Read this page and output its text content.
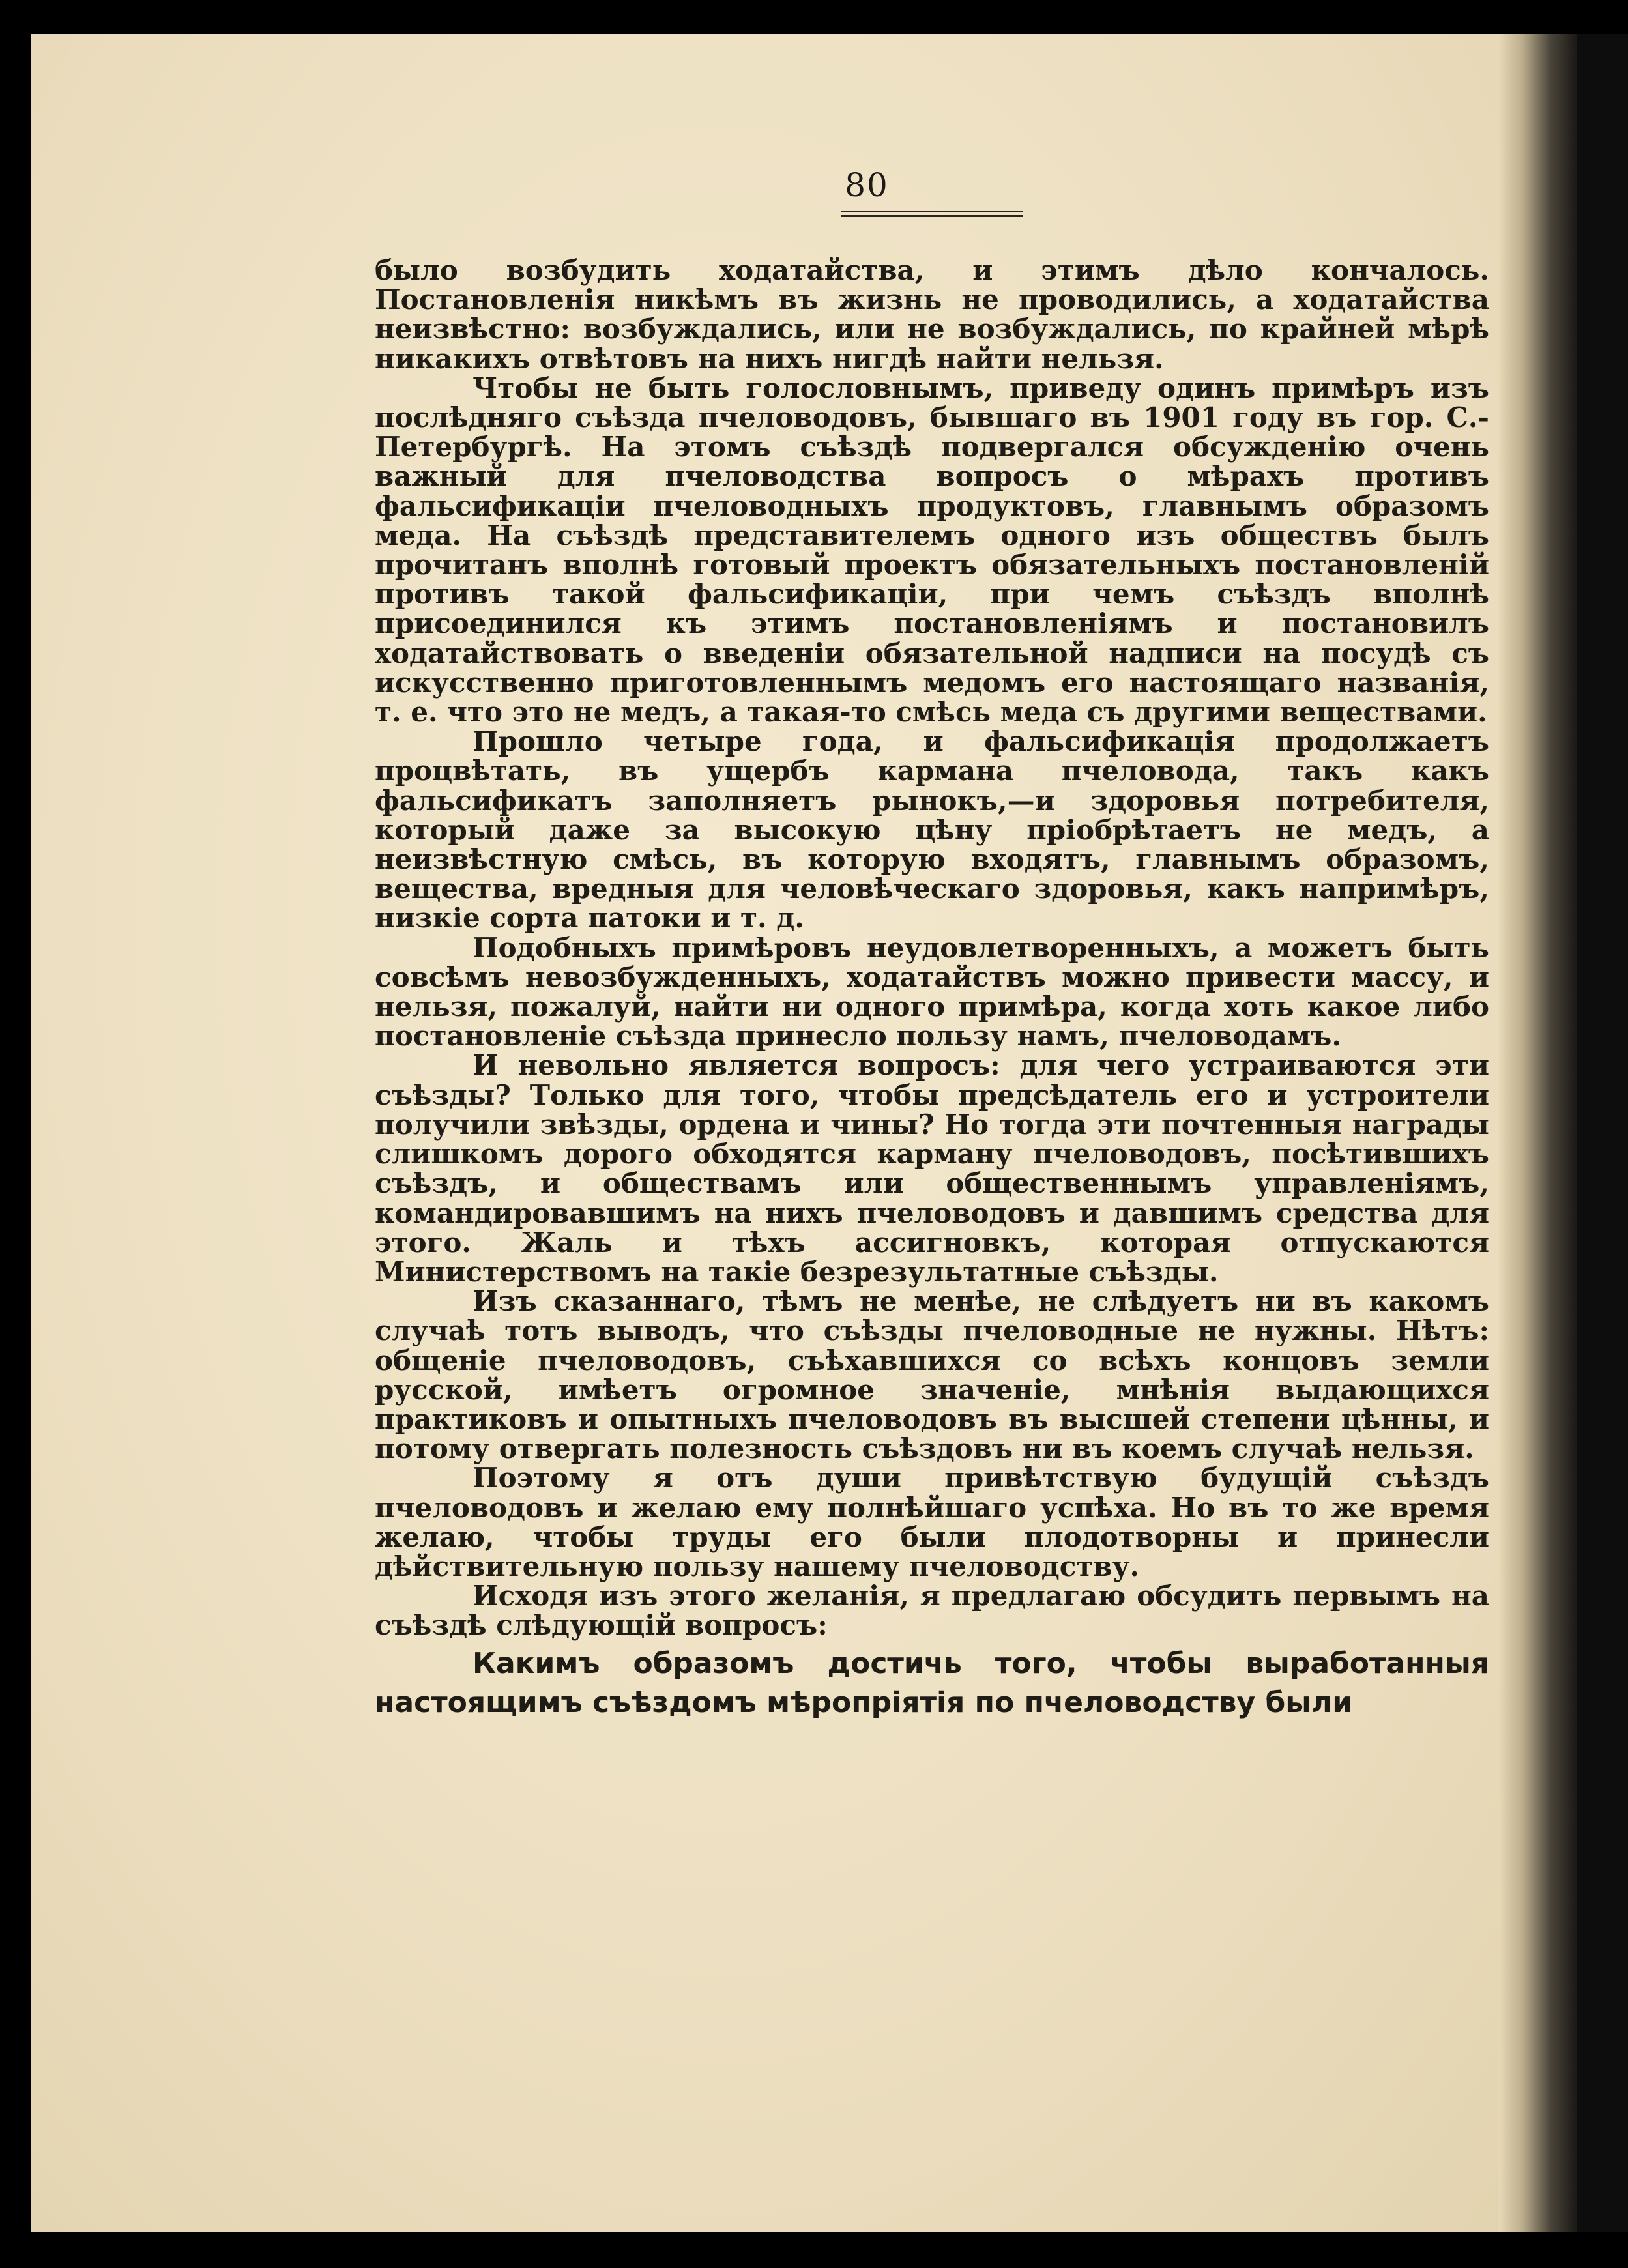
80

было возбудить ходатайства, и этимъ дѣло кончалось. Постановленія никѣмъ въ жизнь не проводились, а ходатайства неизвѣстно: возбуждались, или не возбуждались, по крайней мѣрѣ никакихъ отвѣтовъ на нихъ нигдѣ найти нельзя.

Чтобы не быть голословнымъ, приведу одинъ примѣръ изъ послѣдняго съѣзда пчеловодовъ, бывшаго въ 1901 году въ гор. С.-Петербургѣ. На этомъ съѣздѣ подвергался обсужденію очень важный для пчеловодства вопросъ о мѣрахъ противъ фальсификаціи пчеловодныхъ продуктовъ, главнымъ образомъ меда. На съѣздѣ представителемъ одного изъ обществъ былъ прочитанъ вполнѣ готовый проектъ обязательныхъ постановленій противъ такой фальсификаціи, при чемъ съѣздъ вполнѣ присоединился къ этимъ постановленіямъ и постановилъ ходатайствовать о введеніи обязательной надписи на посудѣ съ искусственно приготовленнымъ медомъ его настоящаго названія, т. е. что это не медъ, а такая-то смѣсь меда съ другими веществами.

Прошло четыре года, и фальсификація продолжаетъ процвѣтать, въ ущербъ кармана пчеловода, такъ какъ фальсификатъ заполняетъ рынокъ,—и здоровья потребителя, который даже за высокую цѣну пріобрѣтаетъ не медъ, а неизвѣстную смѣсь, въ которую входятъ, главнымъ образомъ, вещества, вредныя для человѣческаго здоровья, какъ напримѣръ, низкіе сорта патоки и т. д.

Подобныхъ примѣровъ неудовлетворенныхъ, а можетъ быть совсѣмъ невозбужденныхъ, ходатайствъ можно привести массу, и нельзя, пожалуй, найти ни одного примѣра, когда хоть какое либо постановленіе съѣзда принесло пользу намъ, пчеловодамъ.

И невольно является вопросъ: для чего устраиваются эти съѣзды? Только для того, чтобы предсѣдатель его и устроители получили звѣзды, ордена и чины? Но тогда эти почтенныя награды слишкомъ дорого обходятся карману пчеловодовъ, посѣтившихъ съѣздъ, и обществамъ или общественнымъ управленіямъ, командировавшимъ на нихъ пчеловодовъ и давшимъ средства для этого. Жаль и тѣхъ ассигновкъ, которая отпускаются Министерствомъ на такіе безрезультатные съѣзды.

Изъ сказаннаго, тѣмъ не менѣе, не слѣдуетъ ни въ какомъ случаѣ тотъ выводъ, что съѣзды пчеловодные не нужны. Нѣтъ: общеніе пчеловодовъ, съѣхавшихся со всѣхъ концовъ земли русской, имѣетъ огромное значеніе, мнѣнія выдающихся практиковъ и опытныхъ пчеловодовъ въ высшей степени цѣнны, и потому отвергать полезность съѣздовъ ни въ коемъ случаѣ нельзя.

Поэтому я отъ души привѣтствую будущій съѣздъ пчеловодовъ и желаю ему полнѣйшаго успѣха. Но въ то же время желаю, чтобы труды его были плодотворны и принесли дѣйствительную пользу нашему пчеловодству.

Исходя изъ этого желанія, я предлагаю обсудить первымъ на съѣздѣ слѣдующій вопросъ:

Какимъ образомъ достичь того, чтобы выработанныя настоящимъ съѣздомъ мѣропріятія по пчеловодству были
